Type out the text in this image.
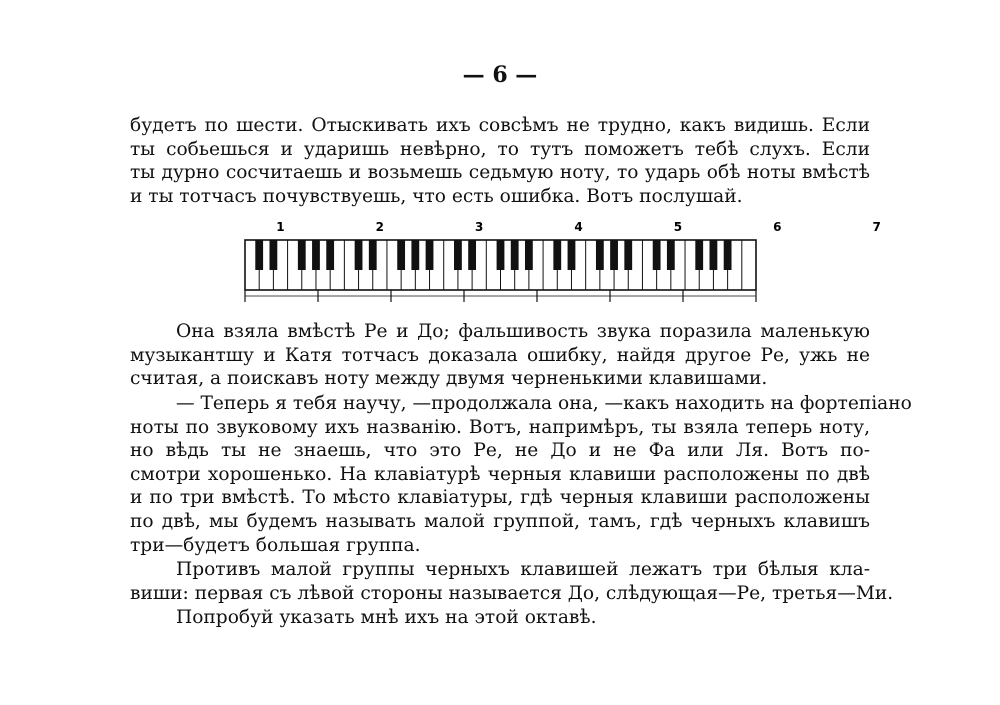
— 6 —
будетъ по шести. Отыскивать ихъ совсѣмъ не трудно, какъ видишь. Если
ты собьешься и ударишь невѣрно, то тутъ поможетъ тебѣ слухъ. Если
ты дурно сосчитаешь и возьмешь седьмую ноту, то ударь обѣ ноты вмѣстѣ
и ты тотчасъ почувствуешь, что есть ошибка. Вотъ послушай.
1	2	3	4	5	6	7
Она взяла вмѣстѣ Ре и До; фальшивость звука поразила маленькую
музыкантшу и Катя тотчасъ доказала ошибку, найдя другое Ре, ужь не
считая, а поискавъ ноту между двумя черненькими клавишами.
— Теперь я тебя научу, —продолжала она, —какъ находить на фортепіано
ноты по звуковому ихъ названію. Вотъ, напримѣръ, ты взяла теперь ноту,
но вѣдь ты не знаешь, что это Ре, не До и не Фа или Ля. Вотъ по-
смотри хорошенько. На клавіатурѣ черныя клавиши расположены по двѣ
и по три вмѣстѣ. То мѣсто клавіатуры, гдѣ черныя клавиши расположены
по двѣ, мы будемъ называть малой группой, тамъ, гдѣ черныхъ клавишъ
три—будетъ большая группа.
Противъ малой группы черныхъ клавишей лежатъ три бѣлыя кла-
виши: первая съ лѣвой стороны называется До, слѣдующая—Ре, третья—Ми.
Попробуй указать мнѣ ихъ на этой октавѣ.
